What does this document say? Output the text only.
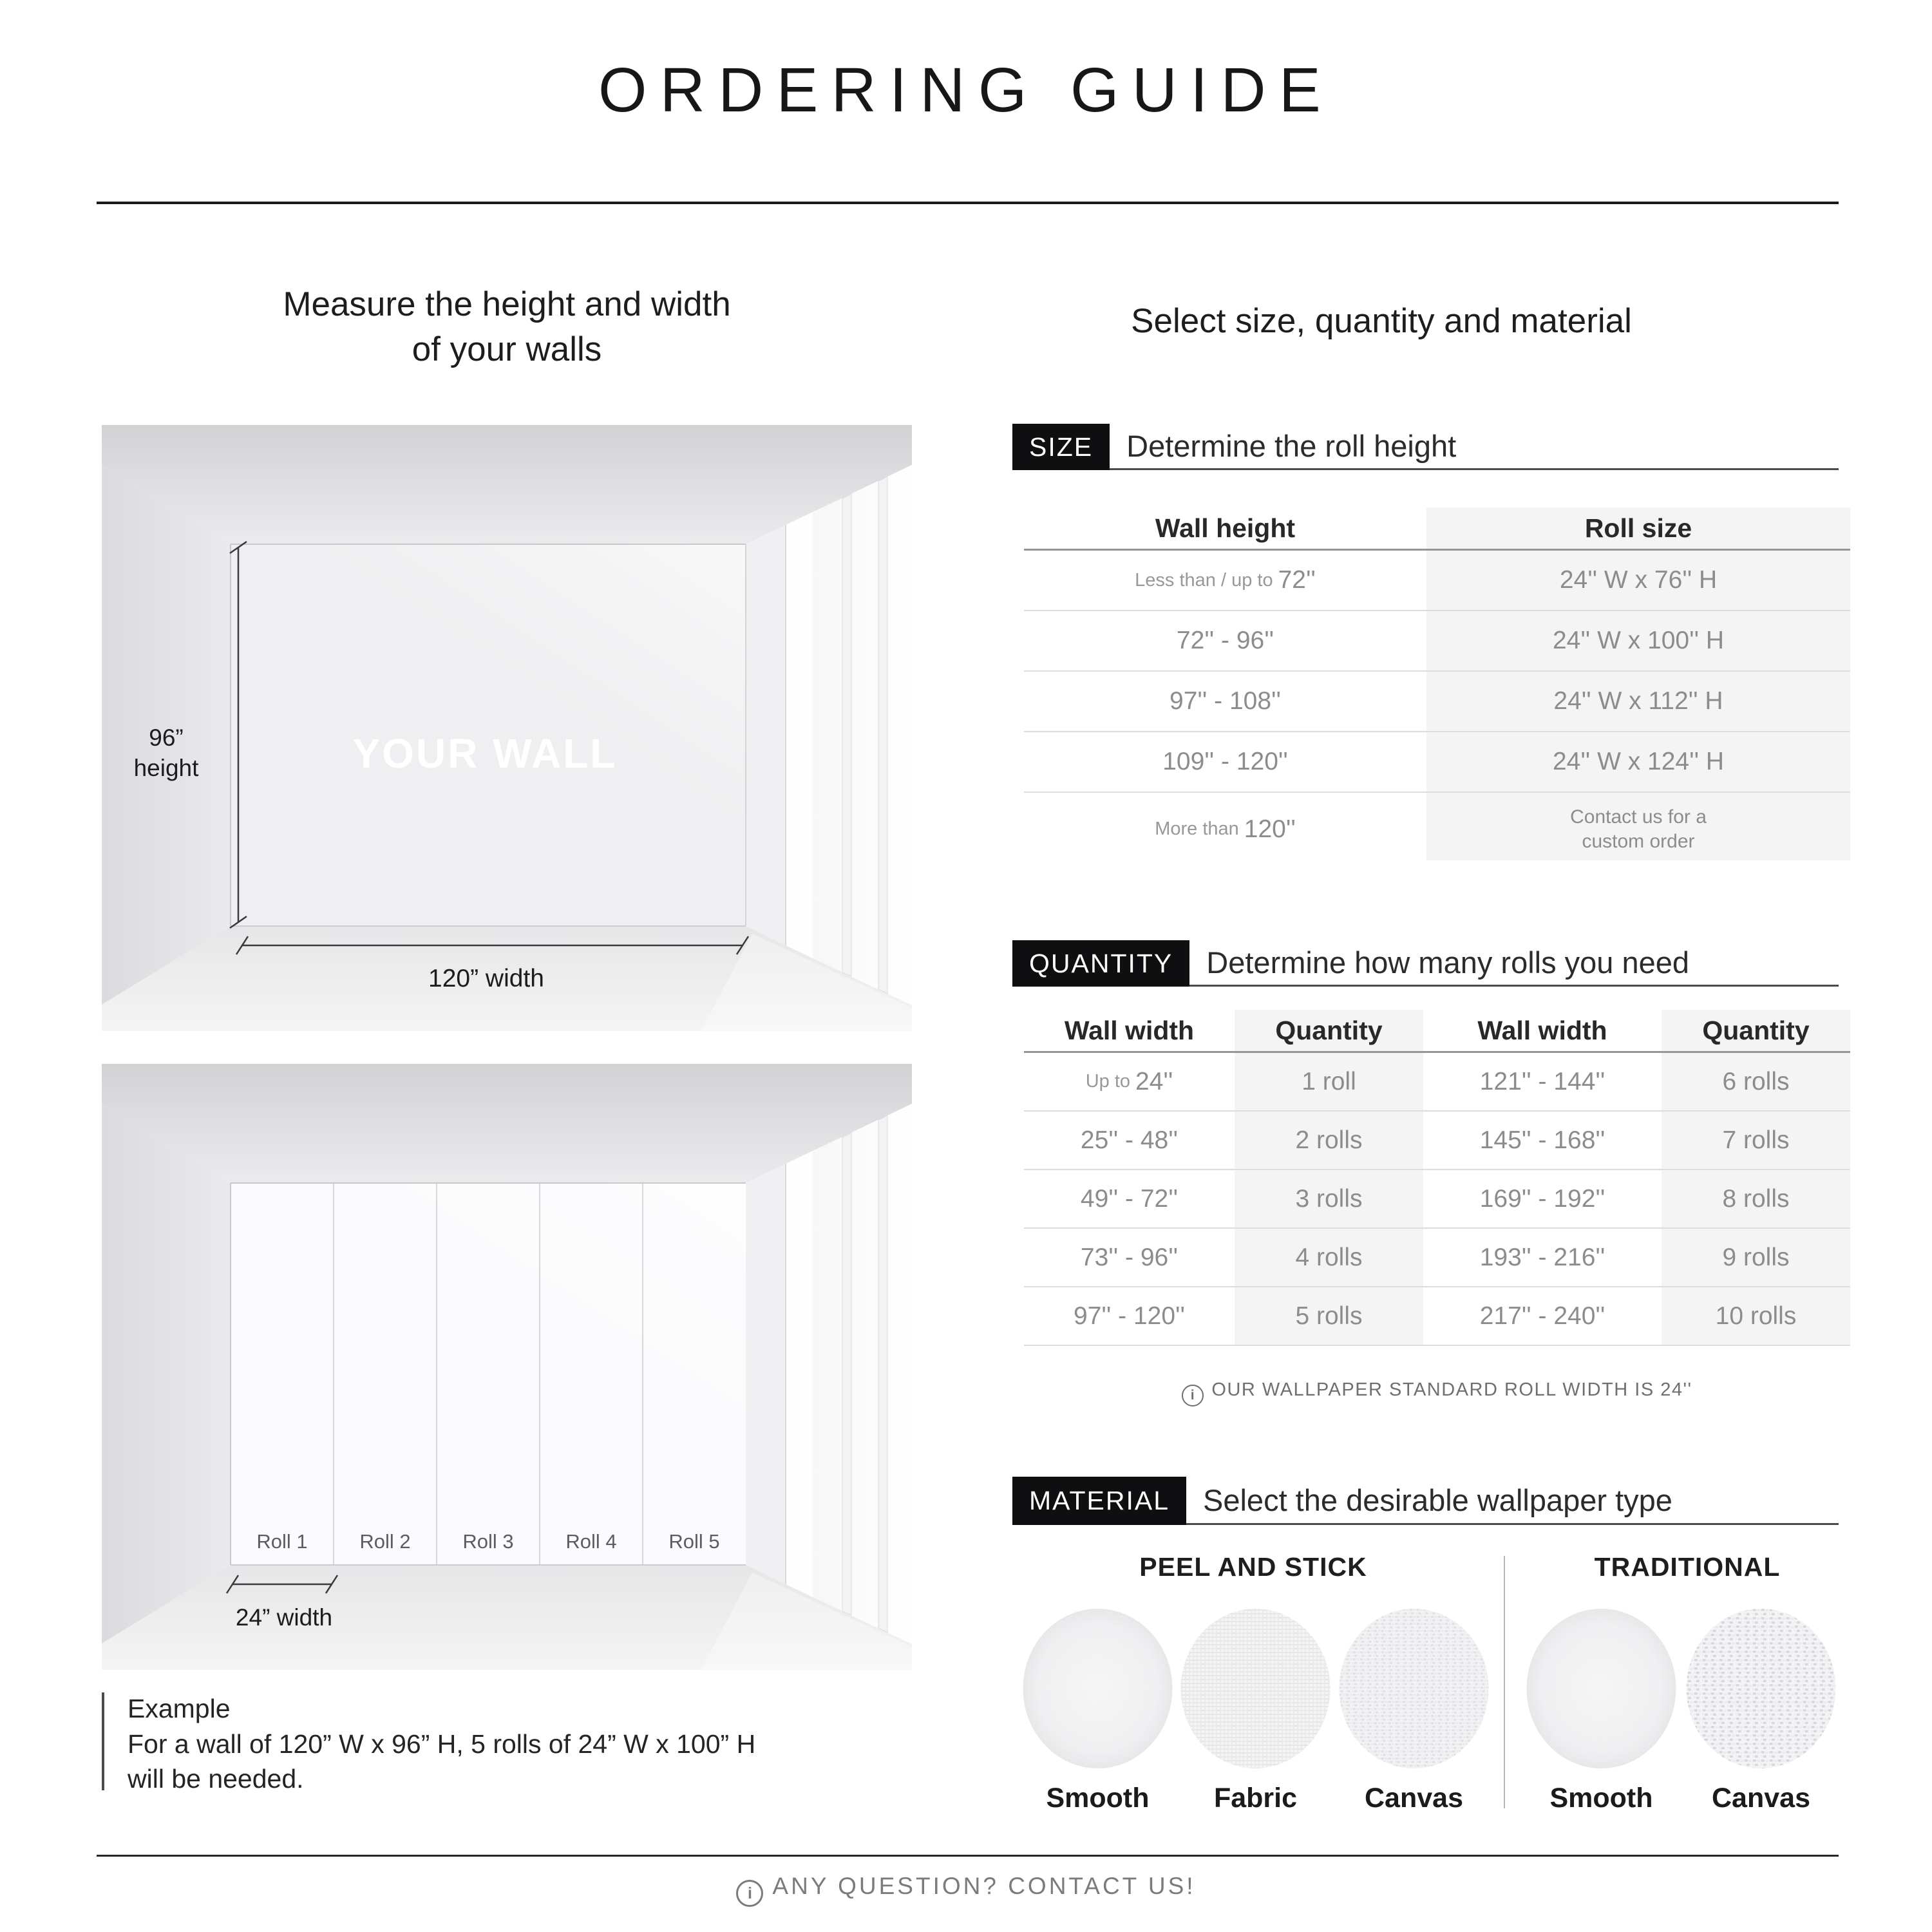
ORDERING GUIDE
Measure the height and width
of your walls
96”
height
120” width
YOUR WALL
Roll 1	Roll 2	Roll 3	Roll 4	Roll 5
24” width
Example
For a wall of 120” W x 96” H, 5 rolls of 24” W x 100” H
will be needed.
Select size, quantity and material
SIZE	Determine the roll height
Wall height	Roll size
Less than / up to 72''	24'' W x 76'' H
72'' - 96''	24'' W x 100'' H
97'' - 108''	24'' W x 112'' H
109'' - 120''	24'' W x 124'' H
More than 120''	Contact us for a custom order
QUANTITY	Determine how many rolls you need
Wall width	Quantity	Wall width	Quantity
Up to 24''	1 roll	121'' - 144''	6 rolls
25'' - 48''	2 rolls	145'' - 168''	7 rolls
49'' - 72''	3 rolls	169'' - 192''	8 rolls
73'' - 96''	4 rolls	193'' - 216''	9 rolls
97'' - 120''	5 rolls	217'' - 240''	10 rolls
i OUR WALLPAPER STANDARD ROLL WIDTH IS 24''
MATERIAL	Select the desirable wallpaper type
PEEL AND STICK	TRADITIONAL
Smooth	Fabric	Canvas	Smooth	Canvas
i ANY QUESTION? CONTACT US!
